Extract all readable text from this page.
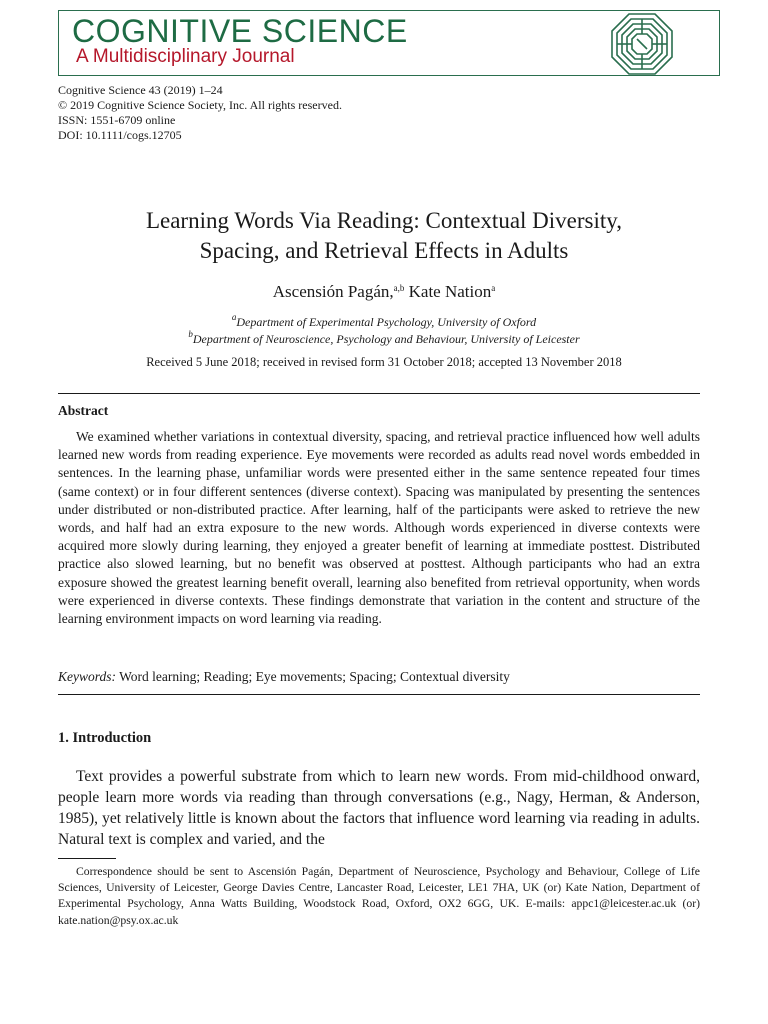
COGNITIVE SCIENCE
A Multidisciplinary Journal
Cognitive Science 43 (2019) 1–24
© 2019 Cognitive Science Society, Inc. All rights reserved.
ISSN: 1551-6709 online
DOI: 10.1111/cogs.12705
Learning Words Via Reading: Contextual Diversity,
Spacing, and Retrieval Effects in Adults
Ascensión Pagán,$^{a,b}$ Kate Nation$^a$
$^a$Department of Experimental Psychology, University of Oxford
$^b$Department of Neuroscience, Psychology and Behaviour, University of Leicester
Received 5 June 2018; received in revised form 31 October 2018; accepted 13 November 2018
Abstract
We examined whether variations in contextual diversity, spacing, and retrieval practice influenced how well adults learned new words from reading experience. Eye movements were recorded as adults read novel words embedded in sentences. In the learning phase, unfamiliar words were presented either in the same sentence repeated four times (same context) or in four different sentences (diverse context). Spacing was manipulated by presenting the sentences under distributed or non-distributed practice. After learning, half of the participants were asked to retrieve the new words, and half had an extra exposure to the new words. Although words experienced in diverse contexts were acquired more slowly during learning, they enjoyed a greater benefit of learning at immediate posttest. Distributed practice also slowed learning, but no benefit was observed at posttest. Although participants who had an extra exposure showed the greatest learning benefit overall, learning also benefited from retrieval opportunity, when words were experienced in diverse contexts. These findings demonstrate that variation in the content and structure of the learning environment impacts on word learning via reading.
Keywords: Word learning; Reading; Eye movements; Spacing; Contextual diversity
1. Introduction
Text provides a powerful substrate from which to learn new words. From mid-childhood onward, people learn more words via reading than through conversations (e.g., Nagy, Herman, & Anderson, 1985), yet relatively little is known about the factors that influence word learning via reading in adults. Natural text is complex and varied, and the
Correspondence should be sent to Ascensión Pagán, Department of Neuroscience, Psychology and Behaviour, College of Life Sciences, University of Leicester, George Davies Centre, Lancaster Road, Leicester, LE1 7HA, UK (or) Kate Nation, Department of Experimental Psychology, Anna Watts Building, Woodstock Road, Oxford, OX2 6GG, UK. E-mails: appc1@leicester.ac.uk (or) kate.nation@psy.ox.ac.uk
